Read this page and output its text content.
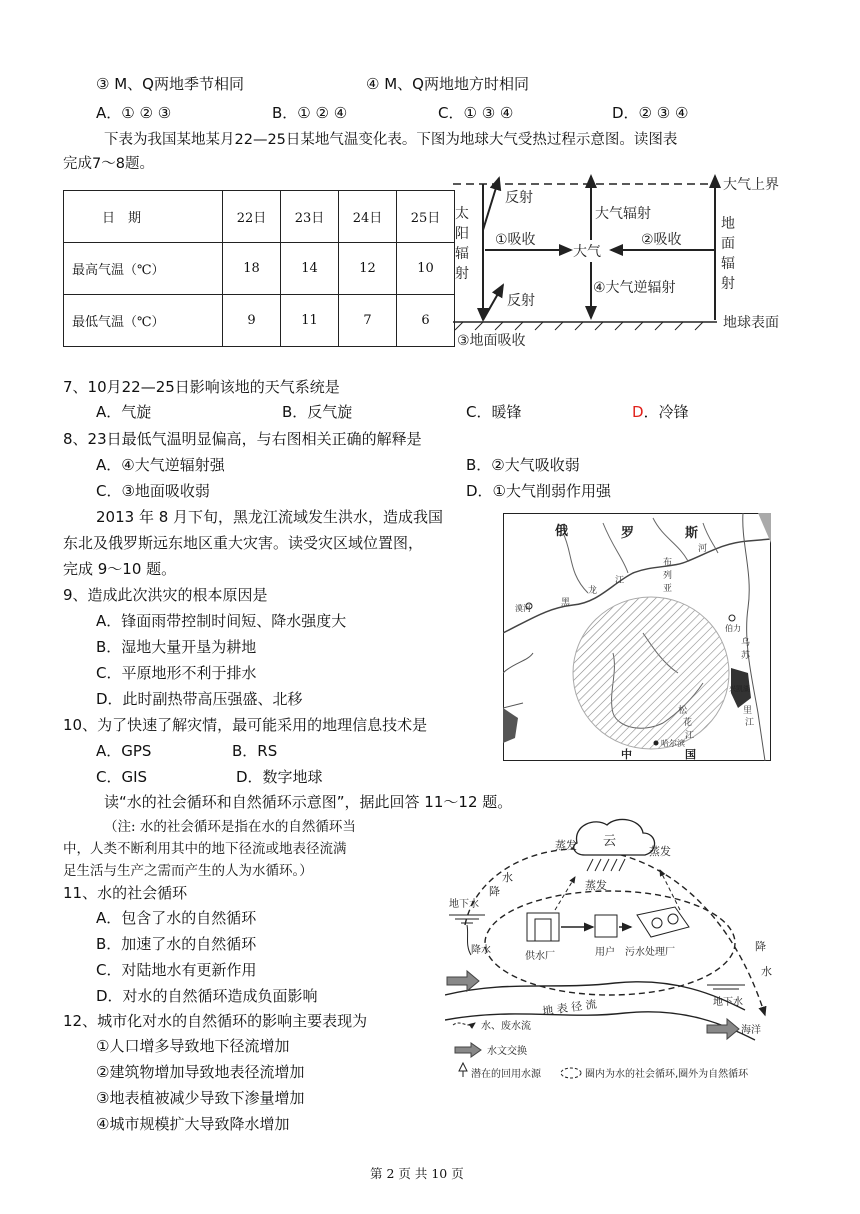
③ M、Q两地季节相同	④ M、Q两地地方时相同
A．① ② ③	B．① ② ④	C．① ③ ④	D．② ③ ④
下表为我国某地某月22—25日某地气温变化表。下图为地球大气受热过程示意图。读图表
完成7～8题。
日　期	22日	23日	24日	25日
最高气温（℃）	18	14	12	10
最低气温（℃）	9	11	7	6
大气上界
地球表面
反射
反射
大气辐射
①吸收	②吸收
大气
④大气逆辐射
③地面吸收
太
阳
辐
射
地
面
辐
射
7、10月22—25日影响该地的天气系统是
A．气旋	B．反气旋	C．暖锋	D．冷锋
8、23日最低气温明显偏高，与右图相关正确的解释是
A．④大气逆辐射强	B．②大气吸收弱
C．③地面吸收弱	D．①大气削弱作用强
2013 年 8 月下旬，黑龙江流域发生洪水，造成我国
东北及俄罗斯远东地区重大灾害。读受灾区域位置图，
完成 9～10 题。
9、造成此次洪灾的根本原因是
A．锋面雨带控制时间短、降水强度大
B．湿地大量开垦为耕地
C．平原地形不利于排水
D．此时副热带高压强盛、北移
10、为了快速了解灾情，最可能采用的地理信息技术是
A．GPS	B．RS
C．GIS	D．数字地球
俄	罗	斯
中	国
漠河
哈尔滨
伯力
兴凯湖
黑
龙
江
松
花
江
乌
苏
里
江
河
布
列
亚
读“水的社会循环和自然循环示意图”，据此回答 11～12 题。
（注: 水的社会循环是指在水的自然循环当
中，人类不断利用其中的地下径流或地表径流满
足生活与生产之需而产生的人为水循环。）
11、水的社会循环
A．包含了水的自然循环
B．加速了水的自然循环
C．对陆地水有更新作用
D．对水的自然循环造成负面影响
12、城市化对水的自然循环的影响主要表现为
①人口增多导致地下径流增加
②建筑物增加导致地表径流增加
③地表植被减少导致下渗量增加
④城市规模扩大导致降水增加
云
蒸发	蒸发
蒸发
水
降
降
水
地下水
降水
供水厂	用户 污水处理厂
地下水
地 表 径 流
海洋
水、废水流
水文交换
潜在的回用水源	圈内为水的社会循环,圈外为自然循环
第 2 页 共 10 页
